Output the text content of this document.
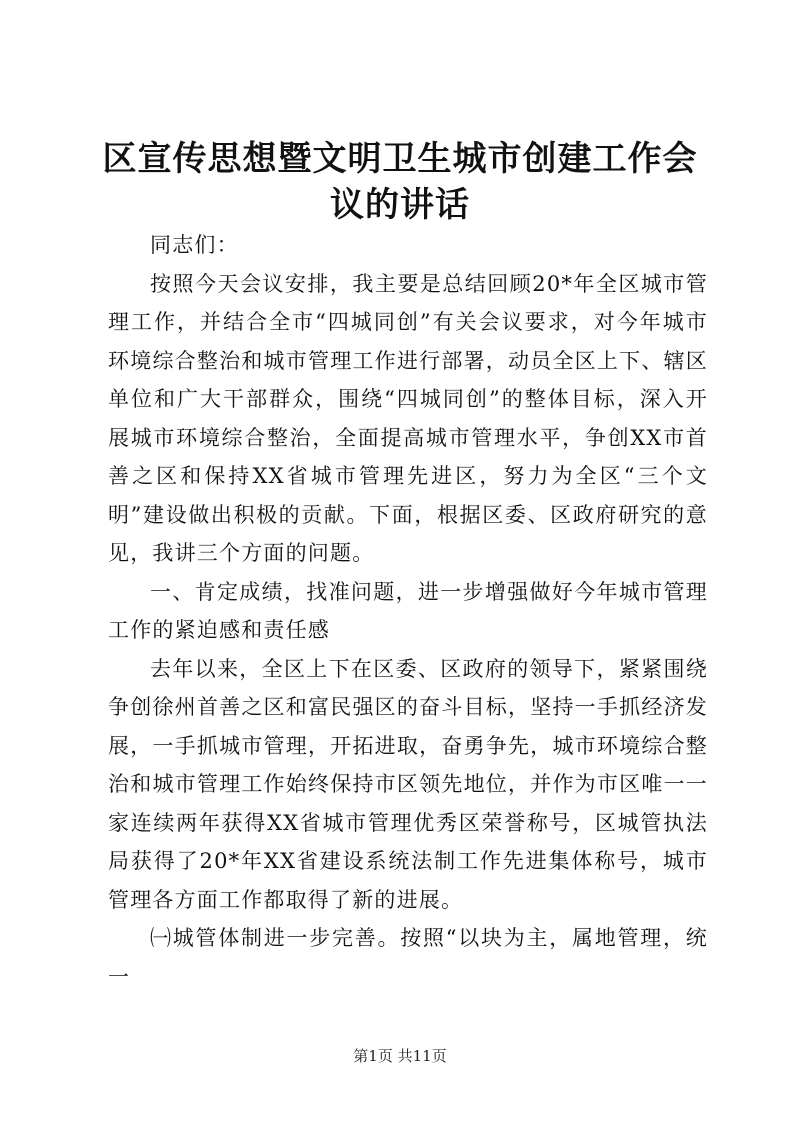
区宣传思想暨文明卫生城市创建工作会议的讲话

同志们：

按照今天会议安排，我主要是总结回顾20*年全区城市管理工作，并结合全市“四城同创”有关会议要求，对今年城市环境综合整治和城市管理工作进行部署，动员全区上下、辖区单位和广大干部群众，围绕“四城同创”的整体目标，深入开展城市环境综合整治，全面提高城市管理水平，争创XX市首善之区和保持XX省城市管理先进区，努力为全区“三个文明”建设做出积极的贡献。下面，根据区委、区政府研究的意见，我讲三个方面的问题。

一、肯定成绩，找准问题，进一步增强做好今年城市管理工作的紧迫感和责任感

去年以来，全区上下在区委、区政府的领导下，紧紧围绕争创徐州首善之区和富民强区的奋斗目标，坚持一手抓经济发展，一手抓城市管理，开拓进取，奋勇争先，城市环境综合整治和城市管理工作始终保持市区领先地位，并作为市区唯一一家连续两年获得XX省城市管理优秀区荣誉称号，区城管执法局获得了20*年XX省建设系统法制工作先进集体称号，城市管理各方面工作都取得了新的进展。

㈠城管体制进一步完善。按照“以块为主，属地管理，统一

第1页 共11页
